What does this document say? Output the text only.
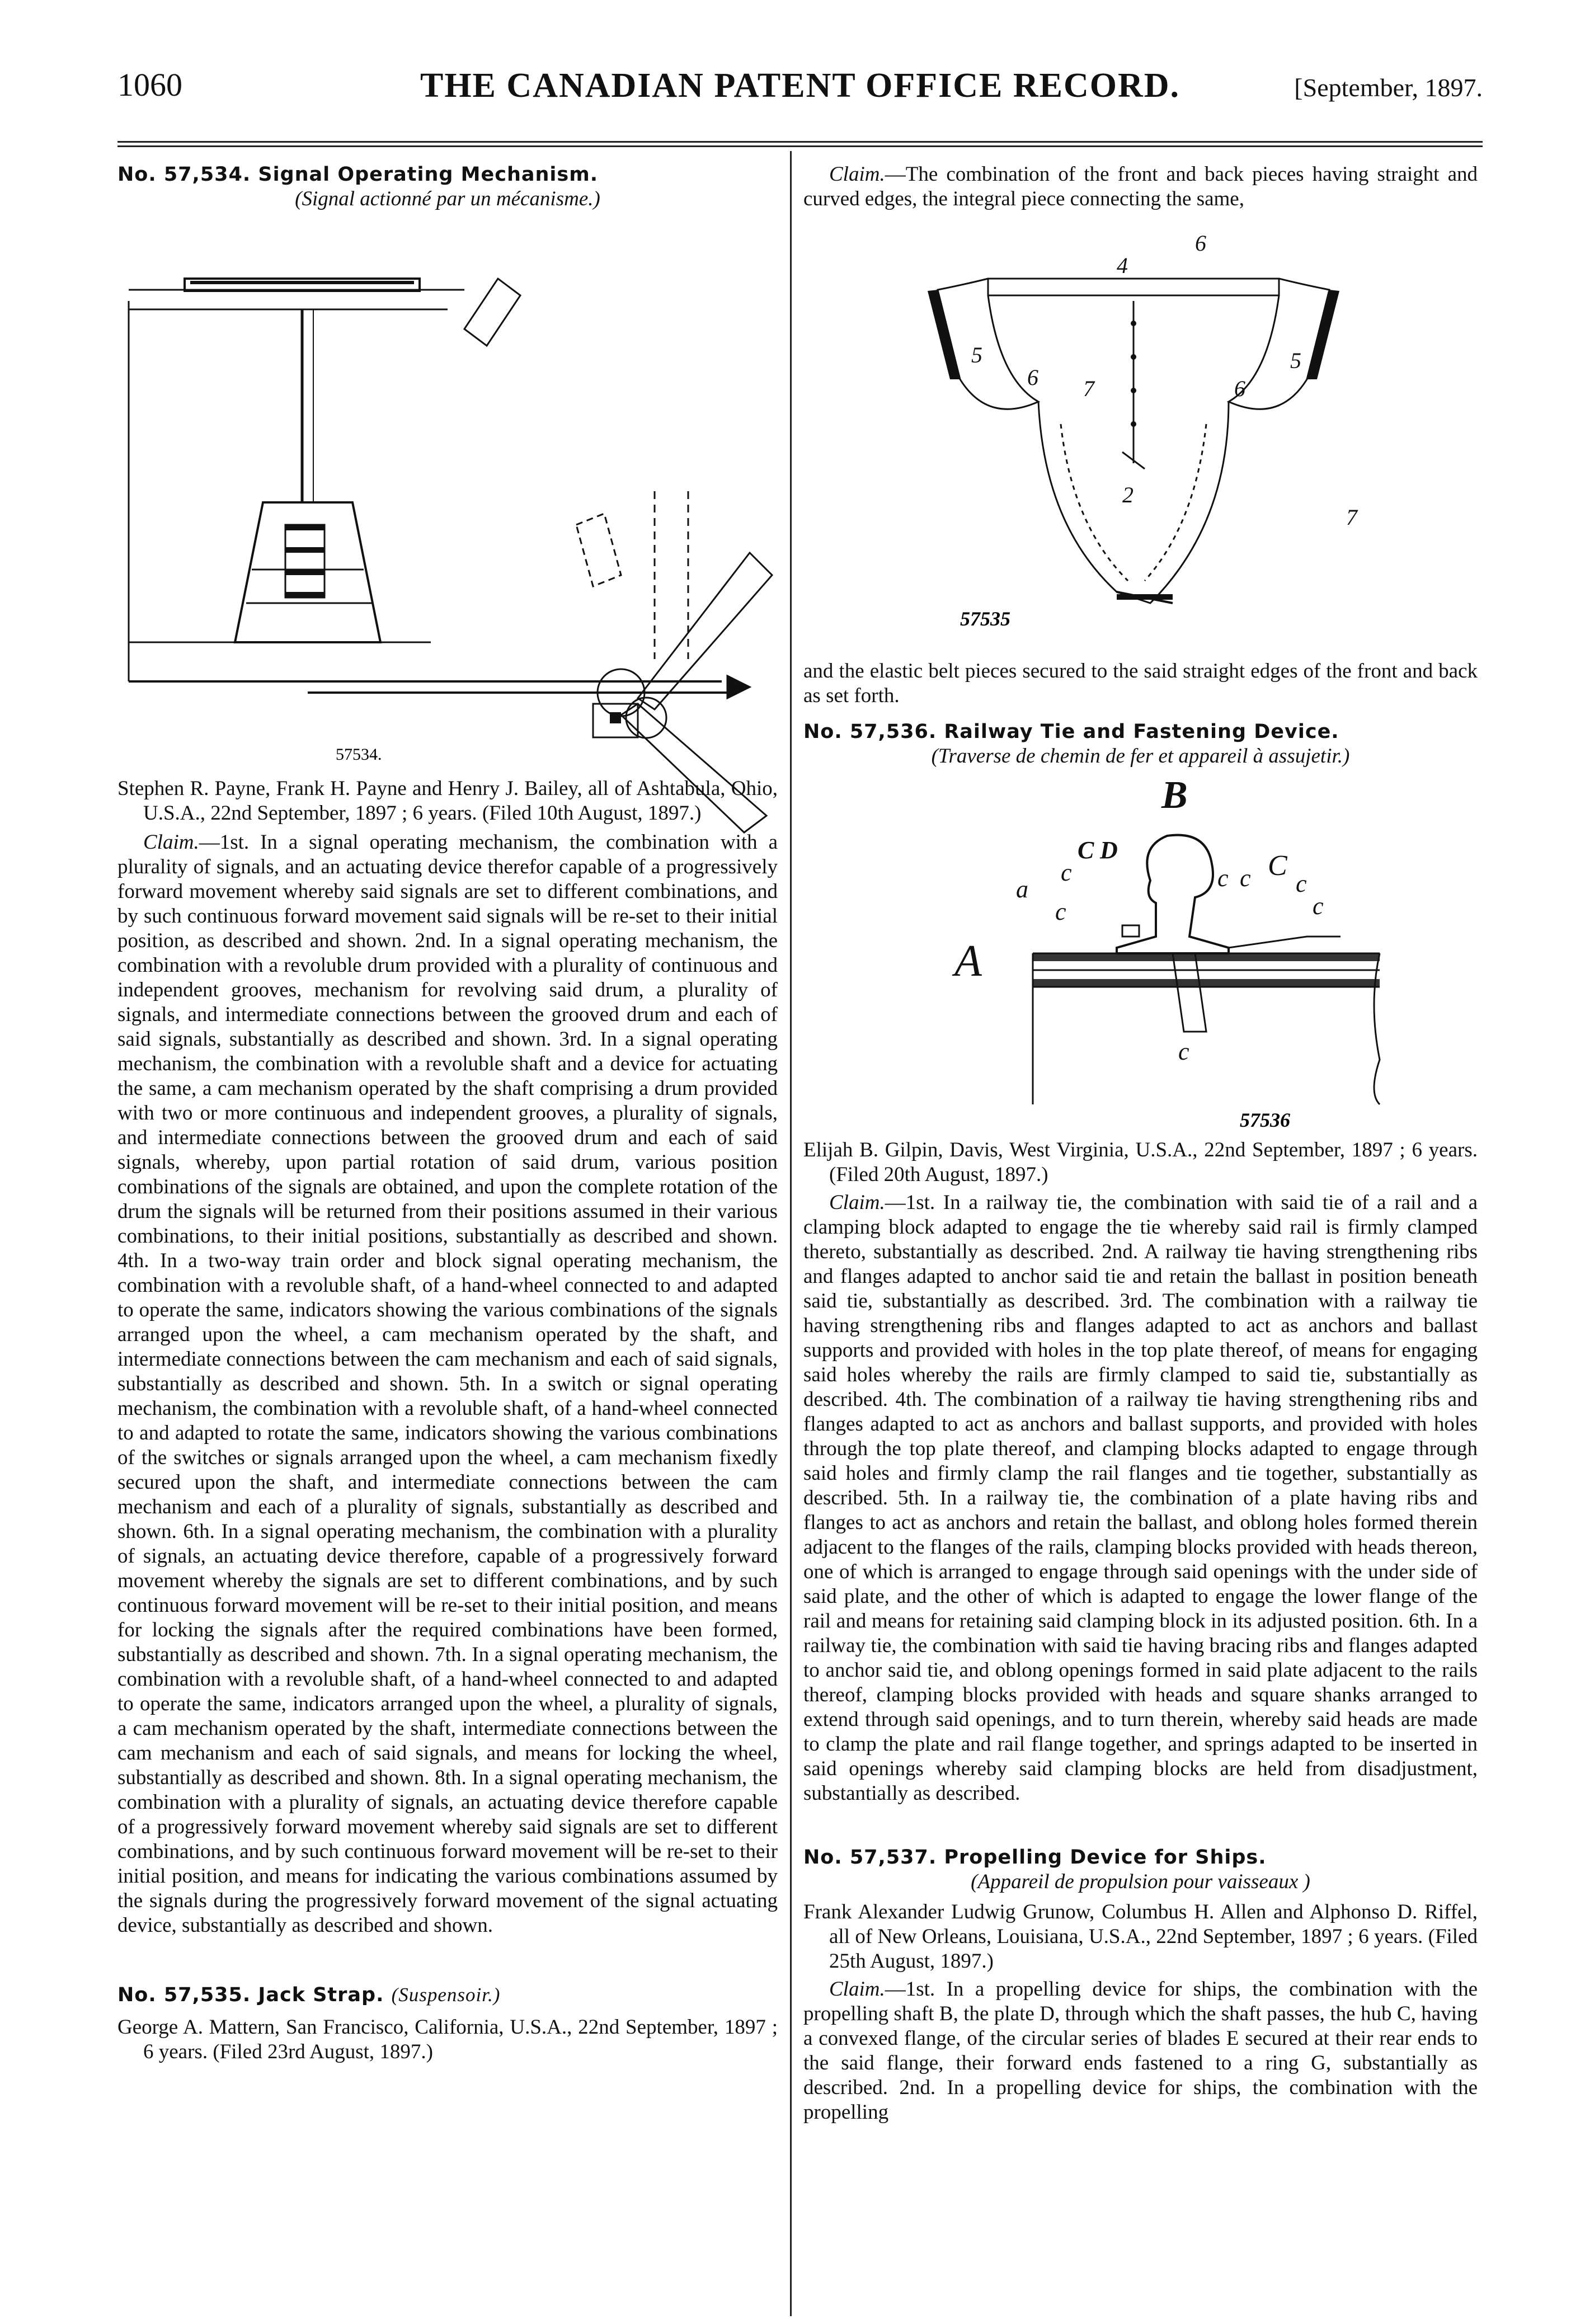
1060	THE CANADIAN PATENT OFFICE RECORD.	[September, 1897.

No. 57,534. Signal Operating Mechanism.

(Signal actionné par un mécanisme.)

57534.

Stephen R. Payne, Frank H. Payne and Henry J. Bailey, all of Ashtabula, Ohio, U.S.A., 22nd September, 1897 ; 6 years. (Filed 10th August, 1897.)

Claim.—1st. In a signal operating mechanism, the combination with a plurality of signals, and an actuating device therefor capable of a progressively forward movement whereby said signals are set to different combinations, and by such continuous forward movement said signals will be re-set to their initial position, as described and shown. 2nd. In a signal operating mechanism, the combination with a revoluble drum provided with a plurality of continuous and independent grooves, mechanism for revolving said drum, a plurality of signals, and intermediate connections between the grooved drum and each of said signals, substantially as described and shown. 3rd. In a signal operating mechanism, the combination with a revoluble shaft and a device for actuating the same, a cam mechanism operated by the shaft comprising a drum provided with two or more continuous and independent grooves, a plurality of signals, and intermediate connections between the grooved drum and each of said signals, whereby, upon partial rotation of said drum, various position combinations of the signals are obtained, and upon the complete rotation of the drum the signals will be returned from their positions assumed in their various combinations, to their initial positions, substantially as described and shown. 4th. In a two-way train order and block signal operating mechanism, the combination with a revoluble shaft, of a hand-wheel connected to and adapted to operate the same, indicators showing the various combinations of the signals arranged upon the wheel, a cam mechanism operated by the shaft, and intermediate connections between the cam mechanism and each of said signals, substantially as described and shown. 5th. In a switch or signal operating mechanism, the combination with a revoluble shaft, of a hand-wheel connected to and adapted to rotate the same, indicators showing the various combinations of the switches or signals arranged upon the wheel, a cam mechanism fixedly secured upon the shaft, and intermediate connections between the cam mechanism and each of a plurality of signals, substantially as described and shown. 6th. In a signal operating mechanism, the combination with a plurality of signals, an actuating device therefore, capable of a progressively forward movement whereby the signals are set to different combinations, and by such continuous forward movement will be re-set to their initial position, and means for locking the signals after the required combinations have been formed, substantially as described and shown. 7th. In a signal operating mechanism, the combination with a revoluble shaft, of a hand-wheel connected to and adapted to operate the same, indicators arranged upon the wheel, a plurality of signals, a cam mechanism operated by the shaft, intermediate connections between the cam mechanism and each of said signals, and means for locking the wheel, substantially as described and shown. 8th. In a signal operating mechanism, the combination with a plurality of signals, an actuating device therefore capable of a progressively forward movement whereby said signals are set to different combinations, and by such continuous forward movement will be re-set to their initial position, and means for indicating the various combinations assumed by the signals during the progressively forward movement of the signal actuating device, substantially as described and shown.

No. 57,535. Jack Strap. (Suspensoir.)

George A. Mattern, San Francisco, California, U.S.A., 22nd September, 1897 ; 6 years. (Filed 23rd August, 1897.)

Claim.—The combination of the front and back pieces having straight and curved edges, the integral piece connecting the same,

4
6
5
6 7	6
5
2
7
57535

and the elastic belt pieces secured to the said straight edges of the front and back as set forth.

No. 57,536. Railway Tie and Fastening Device.

(Traverse de chemin de fer et appareil à assujetir.)

B
C D
c	c c C
c
c
c
a
A
c
57536

Elijah B. Gilpin, Davis, West Virginia, U.S.A., 22nd September, 1897 ; 6 years. (Filed 20th August, 1897.)

Claim.—1st. In a railway tie, the combination with said tie of a rail and a clamping block adapted to engage the tie whereby said rail is firmly clamped thereto, substantially as described. 2nd. A railway tie having strengthening ribs and flanges adapted to anchor said tie and retain the ballast in position beneath said tie, substantially as described. 3rd. The combination with a railway tie having strengthening ribs and flanges adapted to act as anchors and ballast supports and provided with holes in the top plate thereof, of means for engaging said holes whereby the rails are firmly clamped to said tie, substantially as described. 4th. The combination of a railway tie having strengthening ribs and flanges adapted to act as anchors and ballast supports, and provided with holes through the top plate thereof, and clamping blocks adapted to engage through said holes and firmly clamp the rail flanges and tie together, substantially as described. 5th. In a railway tie, the combination of a plate having ribs and flanges to act as anchors and retain the ballast, and oblong holes formed therein adjacent to the flanges of the rails, clamping blocks provided with heads thereon, one of which is arranged to engage through said openings with the under side of said plate, and the other of which is adapted to engage the lower flange of the rail and means for retaining said clamping block in its adjusted position. 6th. In a railway tie, the combination with said tie having bracing ribs and flanges adapted to anchor said tie, and oblong openings formed in said plate adjacent to the rails thereof, clamping blocks provided with heads and square shanks arranged to extend through said openings, and to turn therein, whereby said heads are made to clamp the plate and rail flange together, and springs adapted to be inserted in said openings whereby said clamping blocks are held from disadjustment, substantially as described.

No. 57,537. Propelling Device for Ships.

(Appareil de propulsion pour vaisseaux )

Frank Alexander Ludwig Grunow, Columbus H. Allen and Alphonso D. Riffel, all of New Orleans, Louisiana, U.S.A., 22nd September, 1897 ; 6 years. (Filed 25th August, 1897.)

Claim.—1st. In a propelling device for ships, the combination with the propelling shaft B, the plate D, through which the shaft passes, the hub C, having a convexed flange, of the circular series of blades E secured at their rear ends to the said flange, their forward ends fastened to a ring G, substantially as described. 2nd. In a propelling device for ships, the combination with the propelling
